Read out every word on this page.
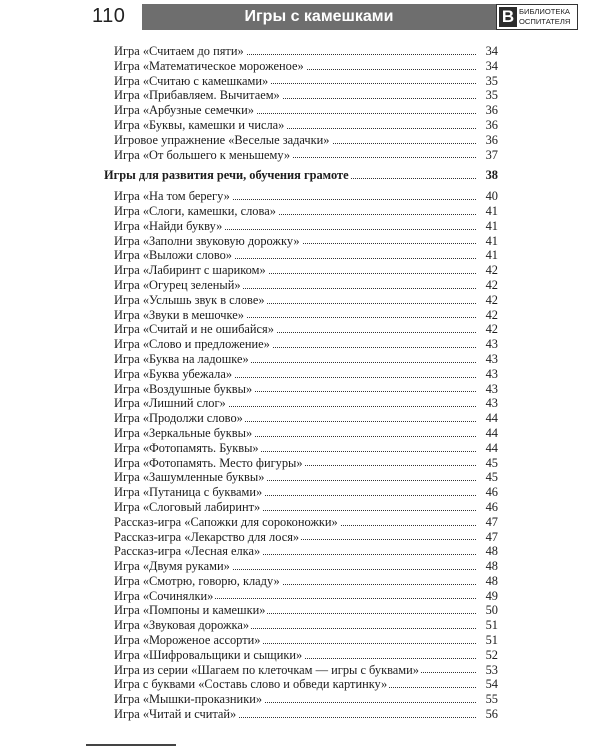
110	Игры с камешками	В БИБЛИОТЕКА
ОСПИТАТЕЛЯ
Игра «Считаем до пяти»	34
Игра «Математическое мороженое»	34
Игра «Считаю с камешками»	35
Игра «Прибавляем. Вычитаем»	35
Игра «Арбузные семечки»	36
Игра «Буквы, камешки и числа»	36
Игровое упражнение «Веселые задачки»	36
Игра «От большего к меньшему»	37
Игры для развития речи, обучения грамоте	38
Игра «На том берегу»	40
Игра «Слоги, камешки, слова»	41
Игра «Найди букву»	41
Игра «Заполни звуковую дорожку»	41
Игра «Выложи слово»	41
Игра «Лабиринт с шариком»	42
Игра «Огурец зеленый»	42
Игра «Услышь звук в слове»	42
Игра «Звуки в мешочке»	42
Игра «Считай и не ошибайся»	42
Игра «Слово и предложение»	43
Игра «Буква на ладошке»	43
Игра «Буква убежала»	43
Игра «Воздушные буквы»	43
Игра «Лишний слог»	43
Игра «Продолжи слово»	44
Игра «Зеркальные буквы»	44
Игра «Фотопамять. Буквы»	44
Игра «Фотопамять. Место фигуры»	45
Игра «Зашумленные буквы»	45
Игра «Путаница с буквами»	46
Игра «Слоговый лабиринт»	46
Рассказ-игра «Сапожки для сороконожки»	47
Рассказ-игра «Лекарство для лося»	47
Рассказ-игра «Лесная елка»	48
Игра «Двумя руками»	48
Игра «Смотрю, говорю, кладу»	48
Игра «Сочинялки»	49
Игра «Помпоны и камешки»	50
Игра «Звуковая дорожка»	51
Игра «Мороженое ассорти»	51
Игра «Шифровальщики и сыщики»	52
Игра из серии «Шагаем по клеточкам — игры с буквами»	53
Игра с буквами «Составь слово и обведи картинку»	54
Игра «Мышки-проказники»	55
Игра «Читай и считай»	56
